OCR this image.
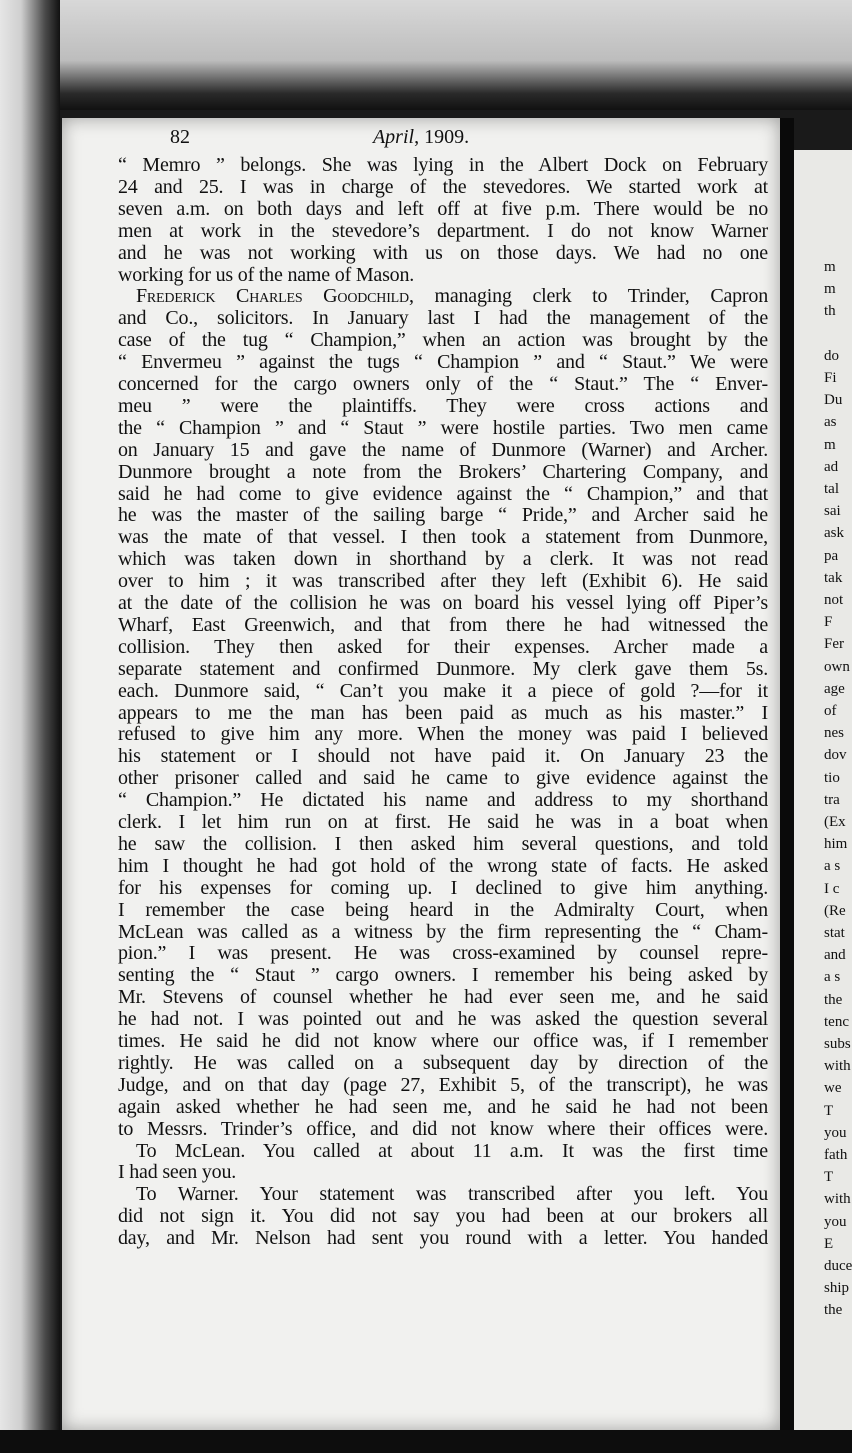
82	April, 1909.
“ Memro ” belongs. She was lying in the Albert Dock on February
24 and 25. I was in charge of the stevedores. We started work at
seven a.m. on both days and left off at five p.m. There would be no
men at work in the stevedore’s department. I do not know Warner
and he was not working with us on those days. We had no one
working for us of the name of Mason.
Frederick Charles Goodchild, managing clerk to Trinder, Capron
and Co., solicitors. In January last I had the management of the
case of the tug “ Champion,” when an action was brought by the
“ Envermeu ” against the tugs “ Champion ” and “ Staut.” We were
concerned for the cargo owners only of the “ Staut.” The “ Enver-
meu ” were the plaintiffs. They were cross actions and
the “ Champion ” and “ Staut ” were hostile parties. Two men came
on January 15 and gave the name of Dunmore (Warner) and Archer.
Dunmore brought a note from the Brokers’ Chartering Company, and
said he had come to give evidence against the “ Champion,” and that
he was the master of the sailing barge “ Pride,” and Archer said he
was the mate of that vessel. I then took a statement from Dunmore,
which was taken down in shorthand by a clerk. It was not read
over to him ; it was transcribed after they left (Exhibit 6). He said
at the date of the collision he was on board his vessel lying off Piper’s
Wharf, East Greenwich, and that from there he had witnessed the
collision. They then asked for their expenses. Archer made a
separate statement and confirmed Dunmore. My clerk gave them 5s.
each. Dunmore said, “ Can’t you make it a piece of gold ?—for it
appears to me the man has been paid as much as his master.” I
refused to give him any more. When the money was paid I believed
his statement or I should not have paid it. On January 23 the
other prisoner called and said he came to give evidence against the
“ Champion.” He dictated his name and address to my shorthand
clerk. I let him run on at first. He said he was in a boat when
he saw the collision. I then asked him several questions, and told
him I thought he had got hold of the wrong state of facts. He asked
for his expenses for coming up. I declined to give him anything.
I remember the case being heard in the Admiralty Court, when
McLean was called as a witness by the firm representing the “ Cham-
pion.” I was present. He was cross-examined by counsel repre-
senting the “ Staut ” cargo owners. I remember his being asked by
Mr. Stevens of counsel whether he had ever seen me, and he said
he had not. I was pointed out and he was asked the question several
times. He said he did not know where our office was, if I remember
rightly. He was called on a subsequent day by direction of the
Judge, and on that day (page 27, Exhibit 5, of the transcript), he was
again asked whether he had seen me, and he said he had not been
to Messrs. Trinder’s office, and did not know where their offices were.
To McLean. You called at about 11 a.m. It was the first time
I had seen you.
To Warner. Your statement was transcribed after you left. You
did not sign it. You did not say you had been at our brokers all
day, and Mr. Nelson had sent you round with a letter. You handed
m
m
th
do
Fi
Du
as
m
ad
tal
sai
ask
pa
tak
not
F
Fer
own
age
of
nes
dov
tio
tra
(Ex
him
a s
I c
(Re
stat
and
a s
the
tenc
subs
with
we
T
you
fath
T
with
you
E
duce
ship
the
